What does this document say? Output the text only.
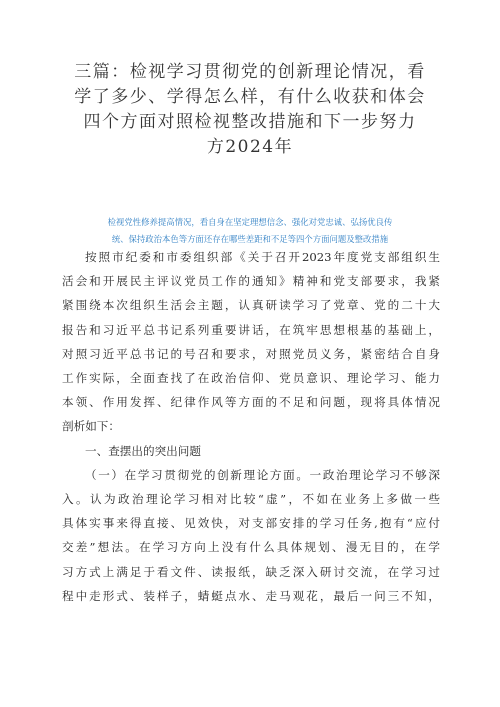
三篇：检视学习贯彻党的创新理论情况，看
学了多少、学得怎么样，有什么收获和体会
四个方面对照检视整改措施和下一步努力
方2024年
检视党性修养提高情况，看自身在坚定理想信念、强化对党忠诚、弘扬优良传
统、保持政治本色等方面还存在哪些差距和不足等四个方面问题及整改措施
按照市纪委和市委组织部《关于召开2023年度党支部组织生
活会和开展民主评议党员工作的通知》精神和党支部要求，我紧
紧围绕本次组织生活会主题，认真研读学习了党章、党的二十大
报告和习近平总书记系列重要讲话，在筑牢思想根基的基础上，
对照习近平总书记的号召和要求，对照党员义务，紧密结合自身
工作实际，全面查找了在政治信仰、党员意识、理论学习、能力
本领、作用发挥、纪律作风等方面的不足和问题，现将具体情况
剖析如下：
一、查摆出的突出问题
（一）在学习贯彻党的创新理论方面。一政治理论学习不够深
入。认为政治理论学习相对比较“虚”，不如在业务上多做一些
具体实事来得直接、见效快，对支部安排的学习任务,抱有“应付
交差”想法。在学习方向上没有什么具体规划、漫无目的，在学
习方式上满足于看文件、读报纸，缺乏深入研讨交流，在学习过
程中走形式、装样子，蜻蜓点水、走马观花，最后一问三不知，
